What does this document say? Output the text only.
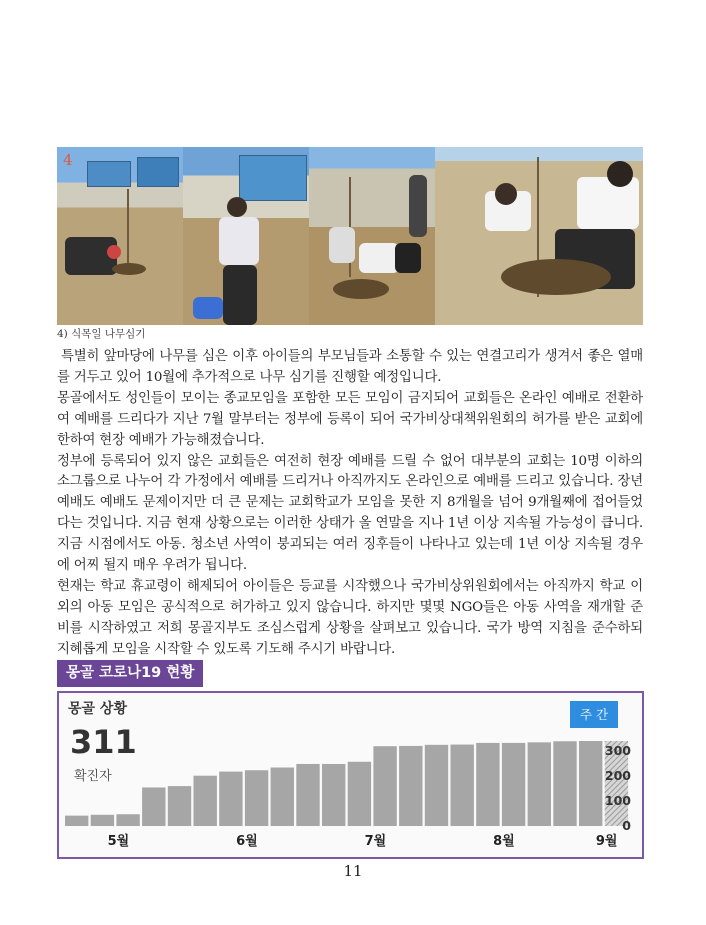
4
4) 식목일 나무심기

특별히 앞마당에 나무를 심은 이후 아이들의 부모님들과 소통할 수 있는 연결고리가 생겨서 좋은 열매를 거두고 있어 10월에 추가적으로 나무 심기를 진행할 예정입니다.

몽골에서도 성인들이 모이는 종교모임을 포함한 모든 모임이 금지되어 교회들은 온라인 예배로 전환하여 예배를 드리다가 지난 7월 말부터는 정부에 등록이 되어 국가비상대책위원회의 허가를 받은 교회에 한하여 현장 예배가 가능해졌습니다.

정부에 등록되어 있지 않은 교회들은 여전히 현장 예배를 드릴 수 없어 대부분의 교회는 10명 이하의 소그룹으로 나누어 각 가정에서 예배를 드리거나 아직까지도 온라인으로 예배를 드리고 있습니다. 장년 예배도 예배도 문제이지만 더 큰 문제는 교회학교가 모임을 못한 지 8개월을 넘어 9개월째에 접어들었다는 것입니다. 지금 현재 상황으로는 이러한 상태가 올 연말을 지나 1년 이상 지속될 가능성이 큽니다. 지금 시점에서도 아동. 청소년 사역이 붕괴되는 여러 징후들이 나타나고 있는데 1년 이상 지속될 경우에 어찌 될지 매우 우려가 됩니다.

현재는 학교 휴교령이 해제되어 아이들은 등교를 시작했으나 국가비상위원회에서는 아직까지 학교 이외의 아동 모임은 공식적으로 허가하고 있지 않습니다. 하지만 몇몇 NGO들은 아동 사역을 재개할 준비를 시작하였고 저희 몽골지부도 조심스럽게 상황을 살펴보고 있습니다. 국가 방역 지침을 준수하되 지혜롭게 모임을 시작할 수 있도록 기도해 주시기 바랍니다.

몽골 코로나19 현황
300
200
100
0
5월	6월	7월	8월	9월
몽골 상황
311
확진자
주 간
11
